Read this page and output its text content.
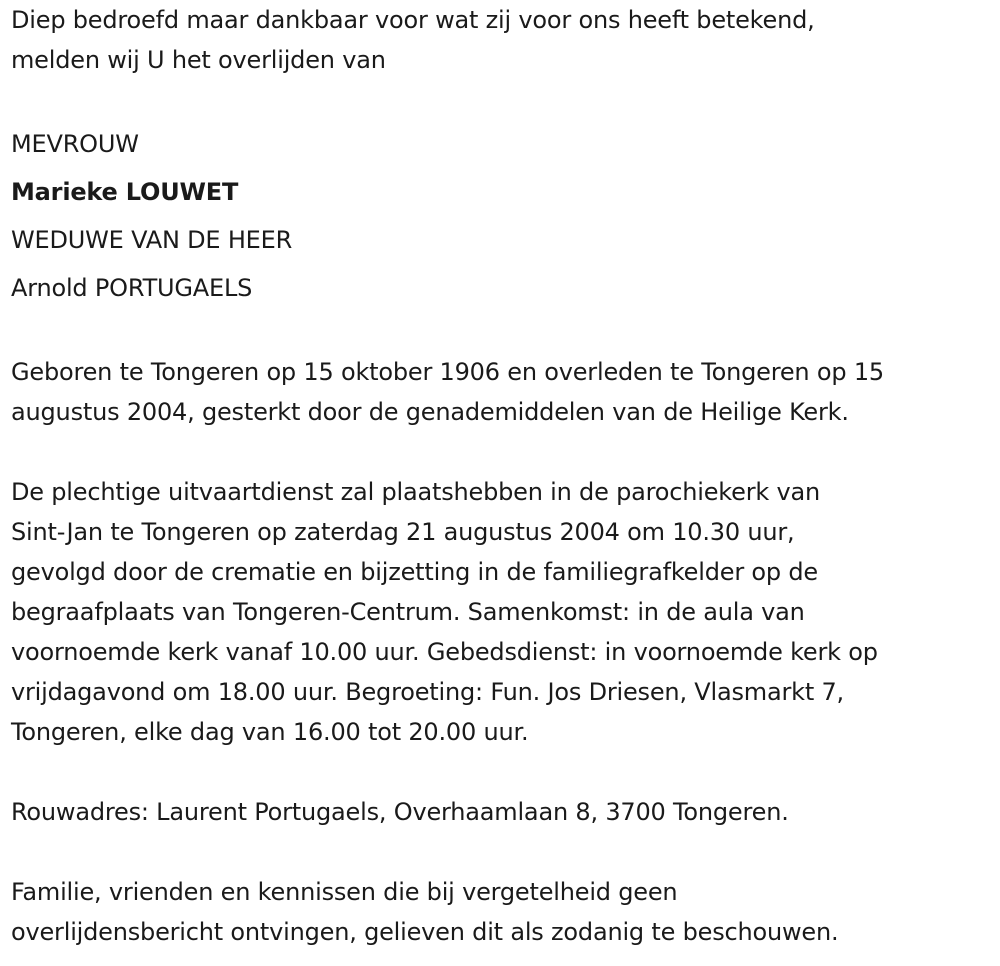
Diep bedroefd maar dankbaar voor wat zij voor ons heeft betekend,
melden wij U het overlijden van

MEVROUW
Marieke LOUWET
WEDUWE VAN DE HEER
Arnold PORTUGAELS

Geboren te Tongeren op 15 oktober 1906 en overleden te Tongeren op 15
augustus 2004, gesterkt door de genademiddelen van de Heilige Kerk.

De plechtige uitvaartdienst zal plaatshebben in de parochiekerk van
Sint-Jan te Tongeren op zaterdag 21 augustus 2004 om 10.30 uur,
gevolgd door de crematie en bijzetting in de familiegrafkelder op de
begraafplaats van Tongeren-Centrum. Samenkomst: in de aula van
voornoemde kerk vanaf 10.00 uur. Gebedsdienst: in voornoemde kerk op
vrijdagavond om 18.00 uur. Begroeting: Fun. Jos Driesen, Vlasmarkt 7,
Tongeren, elke dag van 16.00 tot 20.00 uur.

Rouwadres: Laurent Portugaels, Overhaamlaan 8, 3700 Tongeren.

Familie, vrienden en kennissen die bij vergetelheid geen
overlijdensbericht ontvingen, gelieven dit als zodanig te beschouwen.
